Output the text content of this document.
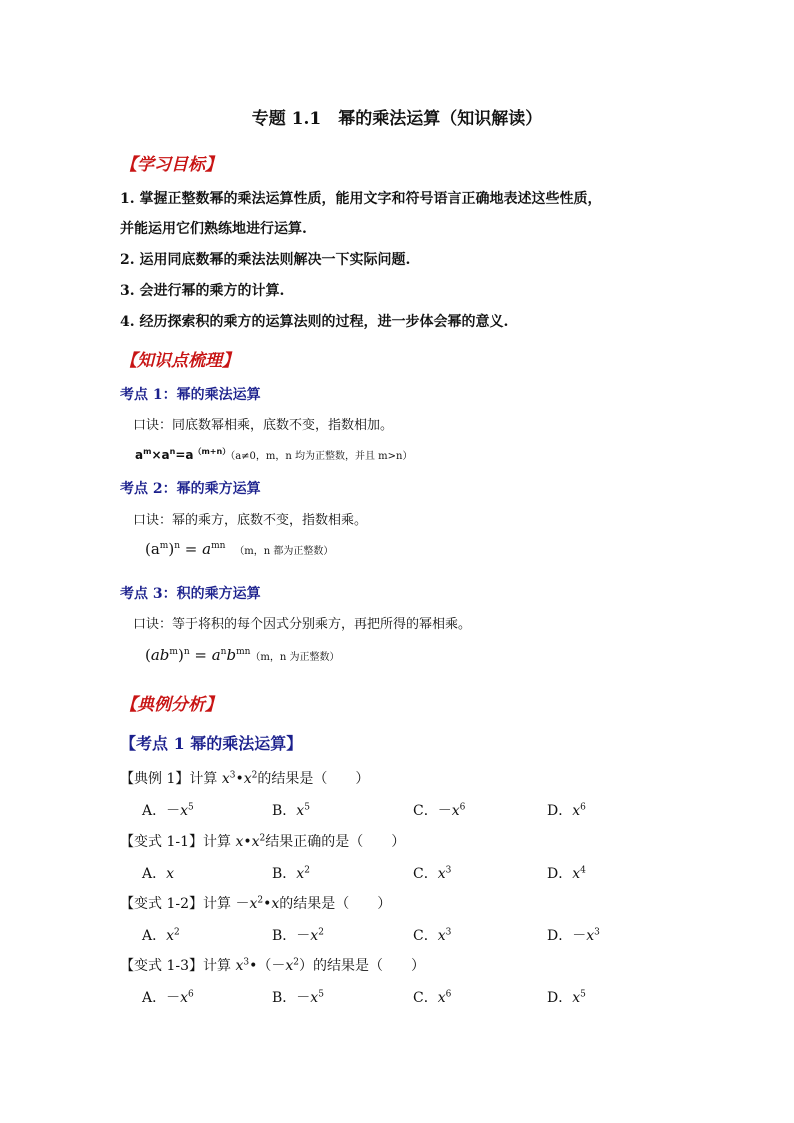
专题 1.1　幂的乘法运算（知识解读）
【学习目标】
1. 掌握正整数幂的乘法运算性质，能用文字和符号语言正确地表述这些性质，
并能运用它们熟练地进行运算.
2. 运用同底数幂的乘法法则解决一下实际问题.
3. 会进行幂的乘方的计算.
4. 经历探索积的乘方的运算法则的过程，进一步体会幂的意义.
【知识点梳理】
考点 1：幂的乘法运算
口诀：同底数幂相乘，底数不变，指数相加。
$a^m\times a^n=a^{(m+n)}(a\ne 0$，m，n 均为正整数，并且 m>n）
考点 2：幂的乘方运算
口诀：幂的乘方，底数不变，指数相乘。
$(a^m)^n = a^{mn}$ （m，n 都为正整数）
考点 3：积的乘方运算
口诀：等于将积的每个因式分别乘方，再把所得的幂相乘。
$(ab^m)^n = a^nb^{mn}(m$，n 为正整数）
【典例分析】
【考点 1 幂的乘法运算】
【典例 1】计算 $x^3•x^2$的结果是（　　）
A．$-x^5$	B．$x^5$	C．$-x^6$	D．$x^6$
【变式 1-1】计算 $x•x^2$结果正确的是（　　）
A．x	B．$x^2$	C．$x^3$	D．$x^4$
【变式 1-2】计算 $-x^2•x$的结果是（　　）
A．$x^2$	B．$-x^2$	C．$x^3$	D．$-x^3$
【变式 1-3】计算 $x^3•(-x^2)$的结果是（　　）
A．$-x^6$	B．$-x^5$	C．$x^6$	D．$x^5$
